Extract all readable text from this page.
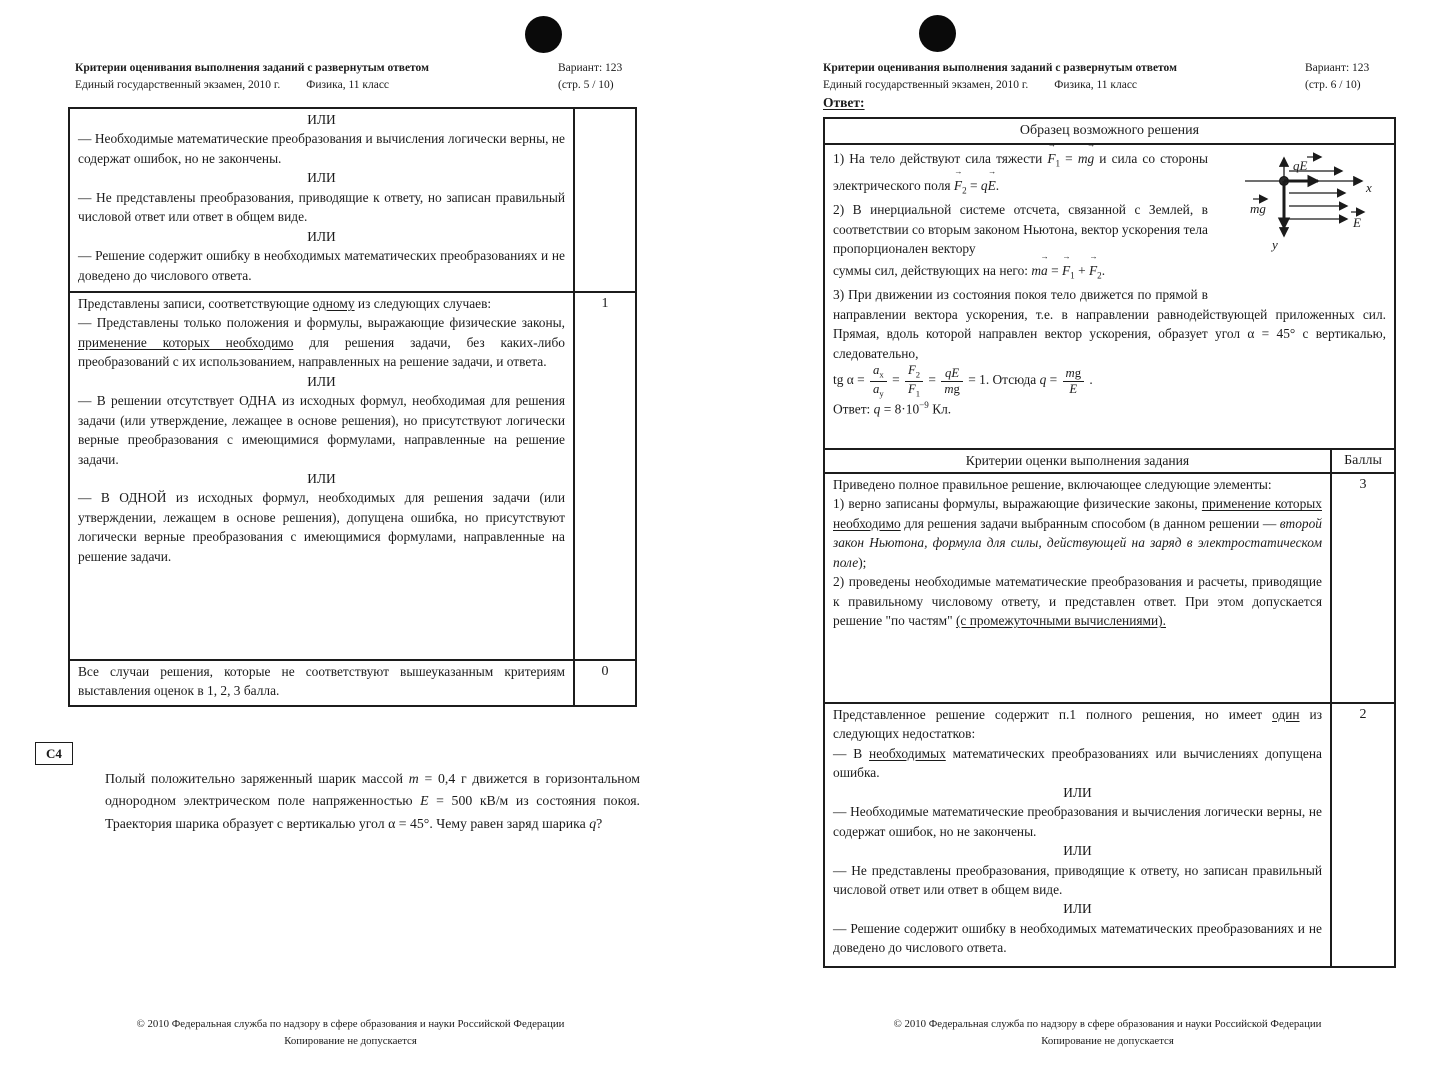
Критерии оценивания выполнения заданий с развернутым ответом
Единый государственный экзамен, 2010 г. Физика, 11 класс
Вариант: 123
(стр. 5 / 10)
ИЛИ
— Необходимые математические преобразования и вычисления логически верны, не содержат ошибок, но не закончены.
ИЛИ
— Не представлены преобразования, приводящие к ответу, но записан правильный числовой ответ или ответ в общем виде.
ИЛИ
— Решение содержит ошибку в необходимых математических преобразованиях и не доведено до числового ответа.
Представлены записи, соответствующие одному из следующих случаев:
— Представлены только положения и формулы, выражающие физические законы, применение которых необходимо для решения задачи, без каких-либо преобразований с их использованием, направленных на решение задачи, и ответа.
ИЛИ
— В решении отсутствует ОДНА из исходных формул, необходимая для решения задачи (или утверждение, лежащее в основе решения), но присутствуют логически верные преобразования с имеющимися формулами, направленные на решение задачи.
ИЛИ
— В ОДНОЙ из исходных формул, необходимых для решения задачи (или утверждении, лежащем в основе решения), допущена ошибка, но присутствуют логически верные преобразования с имеющимися формулами, направленные на решение задачи.
1
Все случаи решения, которые не соответствуют вышеуказанным критериям выставления оценок в 1, 2, 3 балла.
0
С4
Полый положительно заряженный шарик массой m = 0,4 г движется в горизонтальном однородном электрическом поле напряженностью E = 500 кВ/м из состояния покоя. Траектория шарика образует с вертикалью угол α = 45°. Чему равен заряд шарика q?
© 2010 Федеральная служба по надзору в сфере образования и науки Российской Федерации
Копирование не допускается
Критерии оценивания выполнения заданий с развернутым ответом
Единый государственный экзамен, 2010 г. Физика, 11 класс
Вариант: 123
(стр. 6 / 10)
Ответ:
Образец возможного решения
x
y
qE
mg
E
1) На тело действуют сила тяжести $F \to_1$ = mg → и сила со стороны электрического поля $F \to_2$ = qE →.
2) В инерциальной системе отсчета, связанной с Землей, в соответствии со вторым законом Ньютона, вектор ускорения тела пропорционален вектору
суммы сил, действующих на него: ma → = $F \to_1 + F \to_2$.
3) При движении из состояния покоя тело движется по прямой в направлении вектора ускорения, т.е. в направлении равнодействующей приложенных сил. Прямая, вдоль которой направлен вектор ускорения, образует угол α = 45° с вертикалью, следовательно,
tg $\alpha = \frac{a_x}{a_y} = \frac{F_2}{F_1} = \frac{qE}{mg} = 1$. Отсюда $q = \frac{mg}{E}$ .
Ответ: $q = 8\cdot 10^{-9}$ Кл.
Критерии оценки выполнения задания	Баллы
Приведено полное правильное решение, включающее следующие элементы:
1) верно записаны формулы, выражающие физические законы, применение которых необходимо для решения задачи выбранным способом (в данном решении — второй закон Ньютона, формула для силы, действующей на заряд в электростатическом поле);
2) проведены необходимые математические преобразования и расчеты, приводящие к правильному числовому ответу, и представлен ответ. При этом допускается решение "по частям" (с промежуточными вычислениями).
3
Представленное решение содержит п.1 полного решения, но имеет один из следующих недостатков:
— В необходимых математических преобразованиях или вычислениях допущена ошибка.
ИЛИ
— Необходимые математические преобразования и вычисления логически верны, не содержат ошибок, но не закончены.
ИЛИ
— Не представлены преобразования, приводящие к ответу, но записан правильный числовой ответ или ответ в общем виде.
ИЛИ
— Решение содержит ошибку в необходимых математических преобразованиях и не доведено до числового ответа.
2
© 2010 Федеральная служба по надзору в сфере образования и науки Российской Федерации
Копирование не допускается
